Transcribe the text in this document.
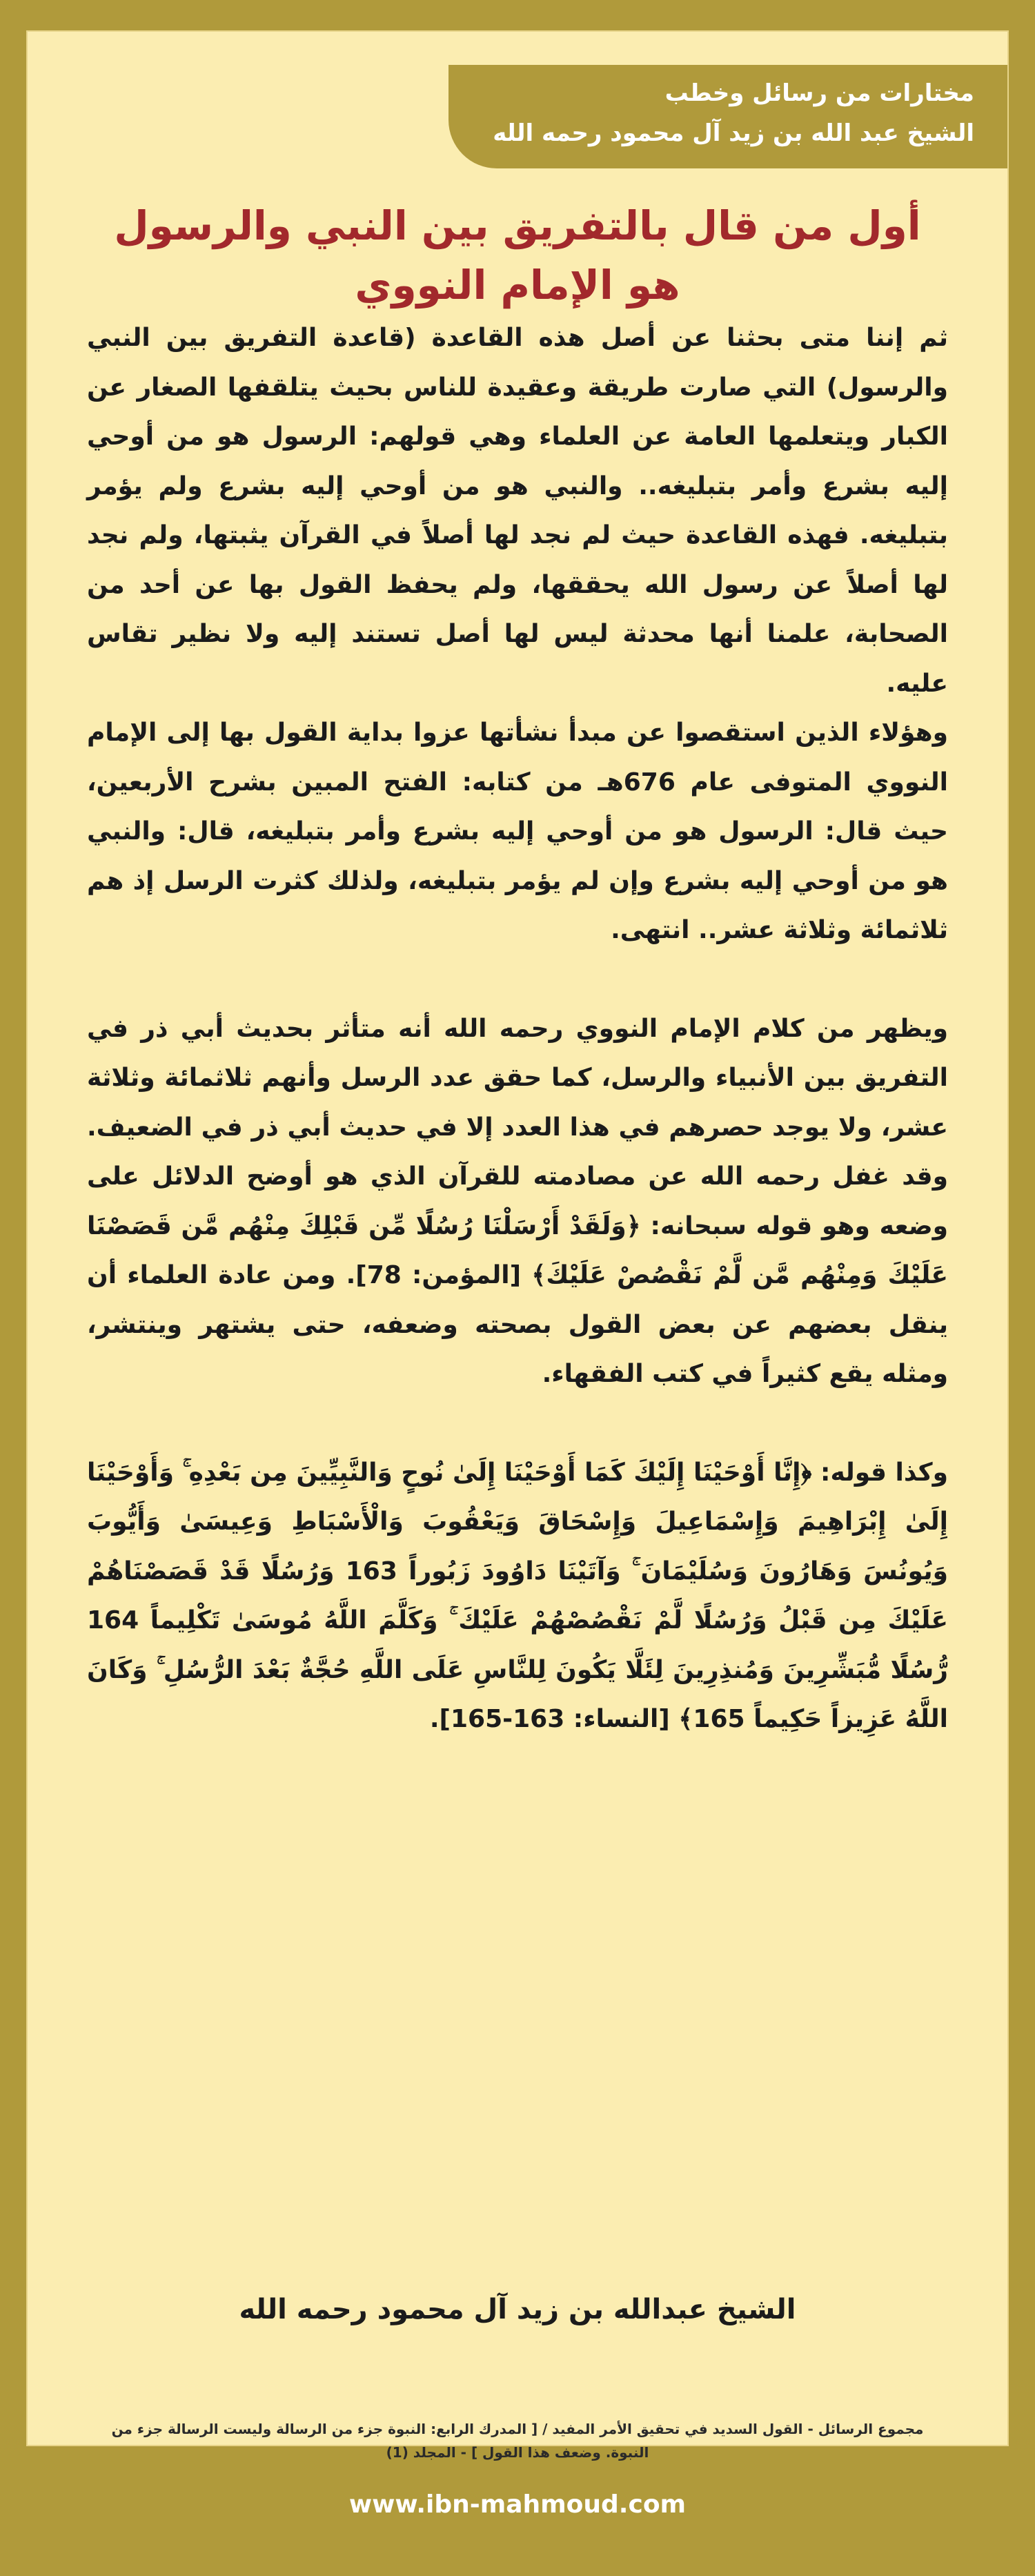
مختارات من رسائل وخطب
الشيخ عبد الله بن زيد آل محمود رحمه الله
أول من قال بالتفريق بين النبي والرسول هو الإمام النووي

ثم إننا متى بحثنا عن أصل هذه القاعدة (قاعدة التفريق بين النبي والرسول) التي صارت طريقة وعقيدة للناس بحيث يتلقفها الصغار عن الكبار ويتعلمها العامة عن العلماء وهي قولهم: الرسول هو من أوحي إليه بشرع وأمر بتبليغه.. والنبي هو من أوحي إليه بشرع ولم يؤمر بتبليغه. فهذه القاعدة حيث لم نجد لها أصلاً في القرآن يثبتها، ولم نجد لها أصلاً عن رسول الله يحققها، ولم يحفظ القول بها عن أحد من الصحابة، علمنا أنها محدثة ليس لها أصل تستند إليه ولا نظير تقاس عليه.

وهؤلاء الذين استقصوا عن مبدأ نشأتها عزوا بداية القول بها إلى الإمام النووي المتوفى عام 676هـ من كتابه: الفتح المبين بشرح الأربعين، حيث قال: الرسول هو من أوحي إليه بشرع وأمر بتبليغه، قال: والنبي هو من أوحي إليه بشرع وإن لم يؤمر بتبليغه، ولذلك كثرت الرسل إذ هم ثلاثمائة وثلاثة عشر.. انتهى.

ويظهر من كلام الإمام النووي رحمه الله أنه متأثر بحديث أبي ذر في التفريق بين الأنبياء والرسل، كما حقق عدد الرسل وأنهم ثلاثمائة وثلاثة عشر، ولا يوجد حصرهم في هذا العدد إلا في حديث أبي ذر في الضعيف. وقد غفل رحمه الله عن مصادمته للقرآن الذي هو أوضح الدلائل على وضعه وهو قوله سبحانه: ﴿وَلَقَدْ أَرْسَلْنَا رُسُلًا مِّن قَبْلِكَ مِنْهُم مَّن قَصَصْنَا عَلَيْكَ وَمِنْهُم مَّن لَّمْ نَقْصُصْ عَلَيْكَ﴾ [المؤمن: 78]. ومن عادة العلماء أن ينقل بعضهم عن بعض القول بصحته وضعفه، حتى يشتهر وينتشر، ومثله يقع كثيراً في كتب الفقهاء.

وكذا قوله: ﴿إِنَّا أَوْحَيْنَا إِلَيْكَ كَمَا أَوْحَيْنَا إِلَىٰ نُوحٍ وَالنَّبِيِّينَ مِن بَعْدِهِ ۚ وَأَوْحَيْنَا إِلَىٰ إِبْرَاهِيمَ وَإِسْمَاعِيلَ وَإِسْحَاقَ وَيَعْقُوبَ وَالْأَسْبَاطِ وَعِيسَىٰ وَأَيُّوبَ وَيُونُسَ وَهَارُونَ وَسُلَيْمَانَ ۚ وَآتَيْنَا دَاوُودَ زَبُوراً 163 وَرُسُلًا قَدْ قَصَصْنَاهُمْ عَلَيْكَ مِن قَبْلُ وَرُسُلًا لَّمْ نَقْصُصْهُمْ عَلَيْكَ ۚ وَكَلَّمَ اللَّهُ مُوسَىٰ تَكْلِيماً 164 رُّسُلًا مُّبَشِّرِينَ وَمُنذِرِينَ لِئَلَّا يَكُونَ لِلنَّاسِ عَلَى اللَّهِ حُجَّةٌ بَعْدَ الرُّسُلِ ۚ وَكَانَ اللَّهُ عَزِيزاً حَكِيماً 165﴾ [النساء: 163-165].

الشيخ عبدالله بن زيد آل محمود رحمه الله
مجموع الرسائل - القول السديد في تحقيق الأمر المفيد / [ المدرك الرابع: النبوة جزء من الرسالة وليست الرسالة جزء من النبوة. وضعف هذا القول ] - المجلد (1)
www.ibn-mahmoud.com
